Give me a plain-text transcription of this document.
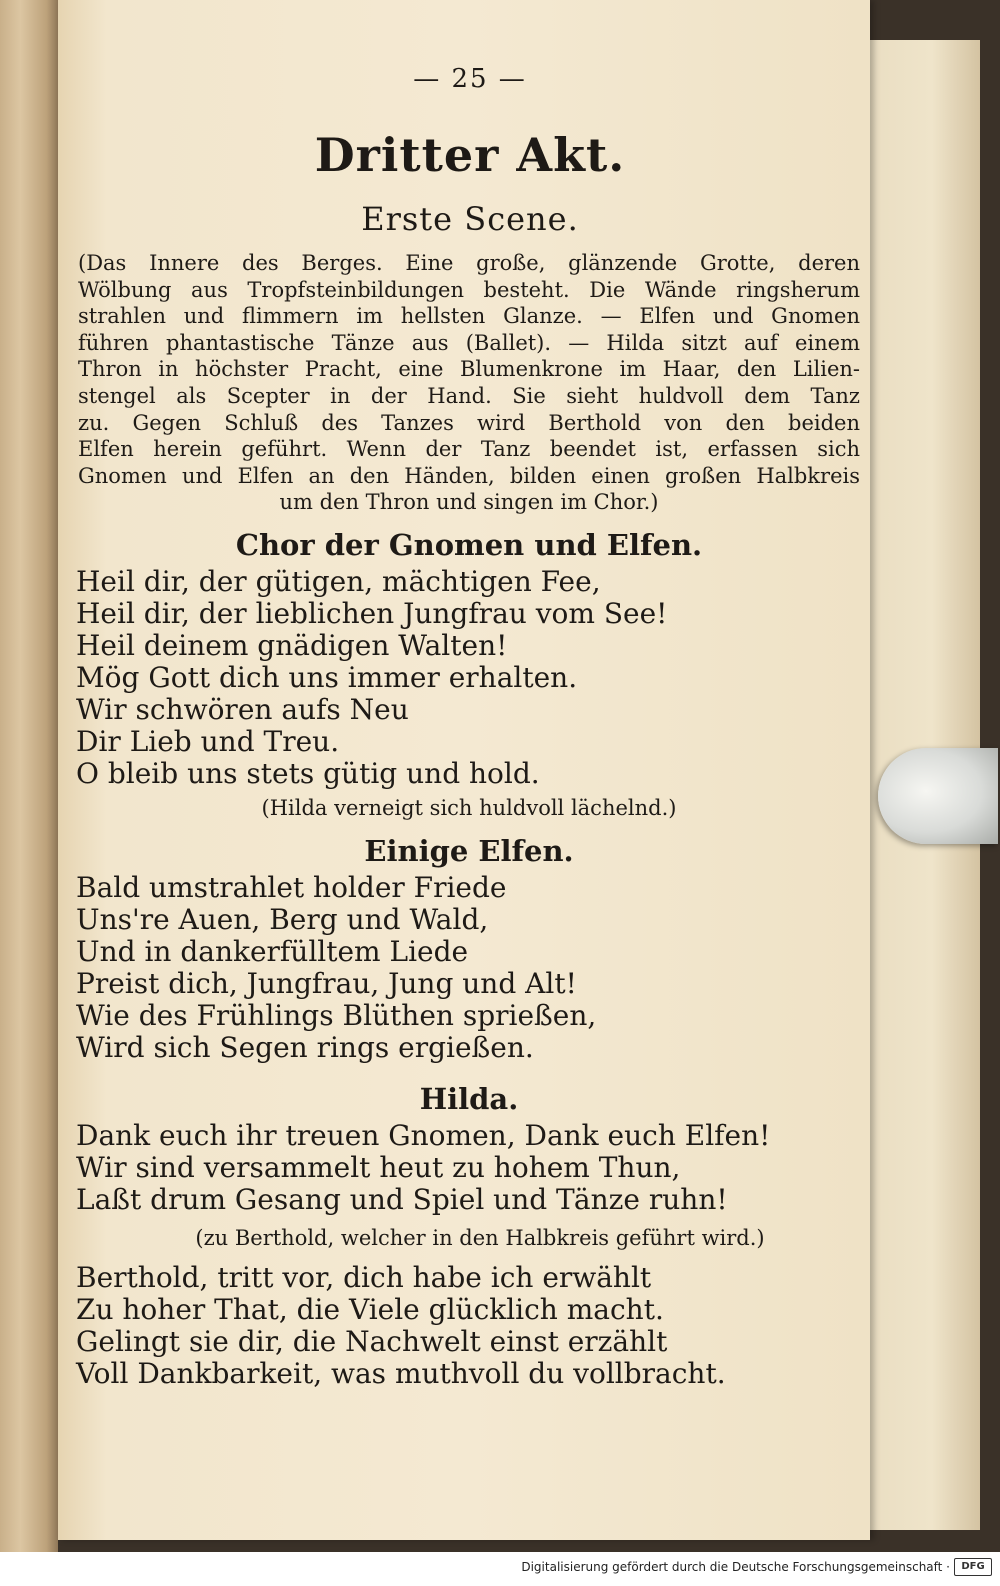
— 25 —
Dritter Akt.
Erste Scene.
(Das Innere des Berges. Eine große, glänzende Grotte, deren
Wölbung aus Tropfsteinbildungen besteht. Die Wände ringsherum
strahlen und flimmern im hellsten Glanze. — Elfen und Gnomen
führen phantastische Tänze aus (Ballet). — Hilda sitzt auf einem
Thron in höchster Pracht, eine Blumenkrone im Haar, den Lilien-
stengel als Scepter in der Hand. Sie sieht huldvoll dem Tanz
zu. Gegen Schluß des Tanzes wird Berthold von den beiden
Elfen herein geführt. Wenn der Tanz beendet ist, erfassen sich
Gnomen und Elfen an den Händen, bilden einen großen Halbkreis
um den Thron und singen im Chor.)
Chor der Gnomen und Elfen.
Heil dir, der gütigen, mächtigen Fee,
Heil dir, der lieblichen Jungfrau vom See!
Heil deinem gnädigen Walten!
Mög Gott dich uns immer erhalten.
Wir schwören aufs Neu
Dir Lieb und Treu.
O bleib uns stets gütig und hold.
(Hilda verneigt sich huldvoll lächelnd.)
Einige Elfen.
Bald umstrahlet holder Friede
Uns're Auen, Berg und Wald,
Und in dankerfülltem Liede
Preist dich, Jungfrau, Jung und Alt!
Wie des Frühlings Blüthen sprießen,
Wird sich Segen rings ergießen.
Hilda.
Dank euch ihr treuen Gnomen, Dank euch Elfen!
Wir sind versammelt heut zu hohem Thun,
Laßt drum Gesang und Spiel und Tänze ruhn!
(zu Berthold, welcher in den Halbkreis geführt wird.)
Berthold, tritt vor, dich habe ich erwählt
Zu hoher That, die Viele glücklich macht.
Gelingt sie dir, die Nachwelt einst erzählt
Voll Dankbarkeit, was muthvoll du vollbracht.
Digitalisierung gefördert durch die Deutsche Forschungsgemeinschaft ·	DFG
